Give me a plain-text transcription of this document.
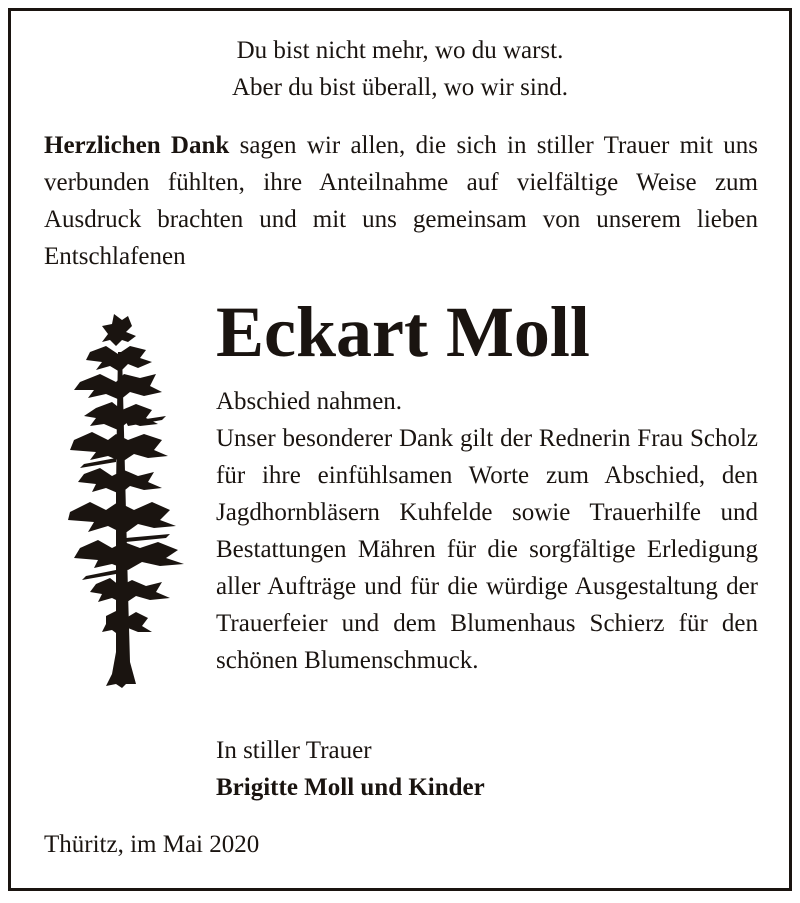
Du bist nicht mehr, wo du warst.
Aber du bist überall, wo wir sind.

Herzlichen Dank sagen wir allen, die sich in stiller Trauer mit uns verbunden fühlten, ihre Anteilnahme auf vielfältige Weise zum Ausdruck brachten und mit uns gemeinsam von unserem lieben Entschlafenen

Eckart Moll

Abschied nahmen.

Unser besonderer Dank gilt der Rednerin Frau Scholz für ihre einfühlsamen Worte zum Abschied, den Jagdhornbläsern Kuhfelde sowie Trauerhilfe und Bestattungen Mähren für die sorgfältige Erledigung aller Aufträge und für die würdige Ausgestaltung der Trauerfeier und dem Blumenhaus Schierz für den schönen Blumenschmuck.

In stiller Trauer
Brigitte Moll und Kinder
Thüritz, im Mai 2020
